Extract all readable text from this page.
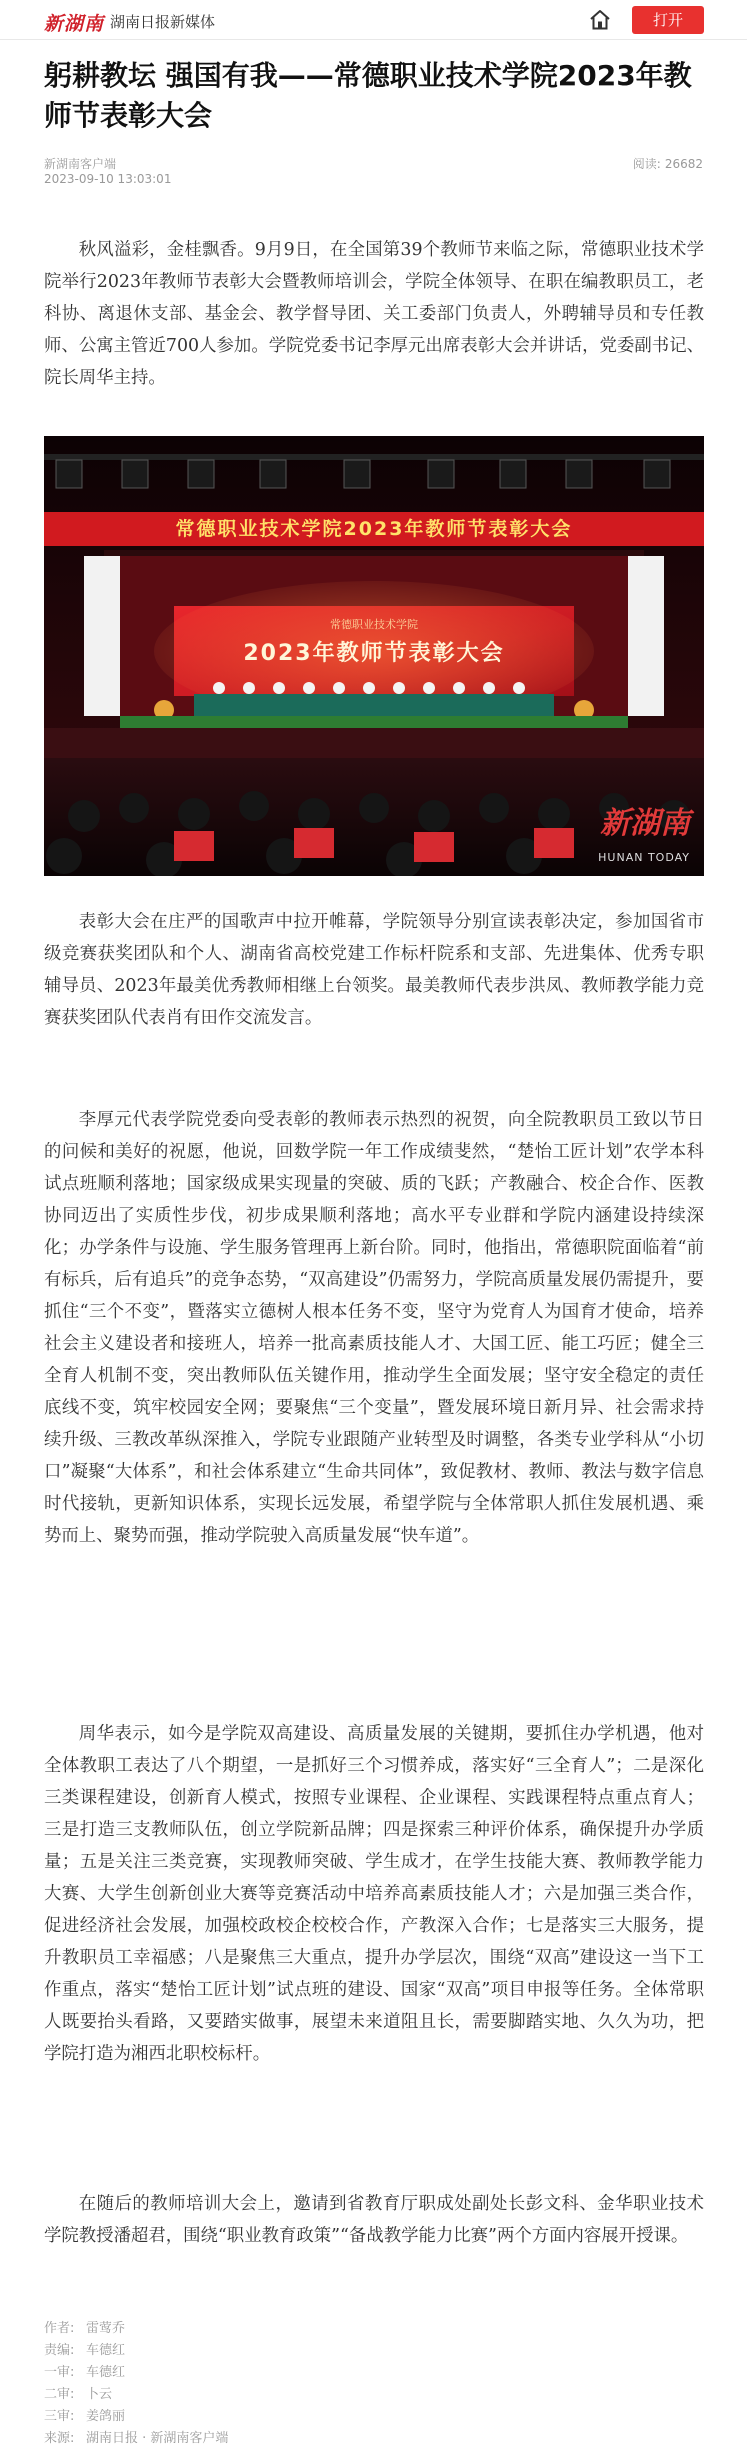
新湖南 湖南日报新媒体	打开
躬耕教坛 强国有我——常德职业技术学院2023年教师节表彰大会
新湖南客户端
2023-09-10 13:03:01
阅读: 26682

秋风溢彩，金桂飘香。9月9日，在全国第39个教师节来临之际，常德职业技术学院举行2023年教师节表彰大会暨教师培训会，学院全体领导、在职在编教职员工，老科协、离退休支部、基金会、教学督导团、关工委部门负责人，外聘辅导员和专任教师、公寓主管近700人参加。学院党委书记李厚元出席表彰大会并讲话，党委副书记、院长周华主持。

常德职业技术学院2023年教师节表彰大会
常德职业技术学院
2023年教师节表彰大会
新湖南
HUNAN TODAY

表彰大会在庄严的国歌声中拉开帷幕，学院领导分别宣读表彰决定，参加国省市级竞赛获奖团队和个人、湖南省高校党建工作标杆院系和支部、先进集体、优秀专职辅导员、2023年最美优秀教师相继上台领奖。最美教师代表步洪凤、教师教学能力竞赛获奖团队代表肖有田作交流发言。

李厚元代表学院党委向受表彰的教师表示热烈的祝贺，向全院教职员工致以节日的问候和美好的祝愿，他说，回数学院一年工作成绩斐然，“楚怡工匠计划”农学本科试点班顺利落地；国家级成果实现量的突破、质的飞跃；产教融合、校企合作、医教协同迈出了实质性步伐，初步成果顺利落地；高水平专业群和学院内涵建设持续深化；办学条件与设施、学生服务管理再上新台阶。同时，他指出，常德职院面临着“前有标兵，后有追兵”的竞争态势，“双高建设”仍需努力，学院高质量发展仍需提升，要抓住“三个不变”，暨落实立德树人根本任务不变，坚守为党育人为国育才使命，培养社会主义建设者和接班人，培养一批高素质技能人才、大国工匠、能工巧匠；健全三全育人机制不变，突出教师队伍关键作用，推动学生全面发展；坚守安全稳定的责任底线不变，筑牢校园安全网；要聚焦“三个变量”，暨发展环境日新月异、社会需求持续升级、三教改革纵深推入，学院专业跟随产业转型及时调整，各类专业学科从“小切口”凝聚“大体系”，和社会体系建立“生命共同体”，致促教材、教师、教法与数字信息时代接轨，更新知识体系，实现长远发展，希望学院与全体常职人抓住发展机遇、乘势而上、聚势而强，推动学院驶入高质量发展“快车道”。

周华表示，如今是学院双高建设、高质量发展的关键期，要抓住办学机遇，他对全体教职工表达了八个期望，一是抓好三个习惯养成，落实好“三全育人”；二是深化三类课程建设，创新育人模式，按照专业课程、企业课程、实践课程特点重点育人；三是打造三支教师队伍，创立学院新品牌；四是探索三种评价体系，确保提升办学质量；五是关注三类竞赛，实现教师突破、学生成才，在学生技能大赛、教师教学能力大赛、大学生创新创业大赛等竞赛活动中培养高素质技能人才；六是加强三类合作，促进经济社会发展，加强校政校企校校合作，产教深入合作；七是落实三大服务，提升教职员工幸福感；八是聚焦三大重点，提升办学层次，围绕“双高”建设这一当下工作重点，落实“楚怡工匠计划”试点班的建设、国家“双高”项目申报等任务。全体常职人既要抬头看路，又要踏实做事，展望未来道阻且长，需要脚踏实地、久久为功，把学院打造为湘西北职校标杆。

在随后的教师培训大会上，邀请到省教育厅职成处副处长彭文科、金华职业技术学院教授潘超君，围绕“职业教育政策”“备战教学能力比赛”两个方面内容展开授课。

作者: 雷莺乔
责编: 车德红
一审: 车德红
二审: 卜云
三审: 姜鸽丽
来源: 湖南日报 · 新湖南客户端
